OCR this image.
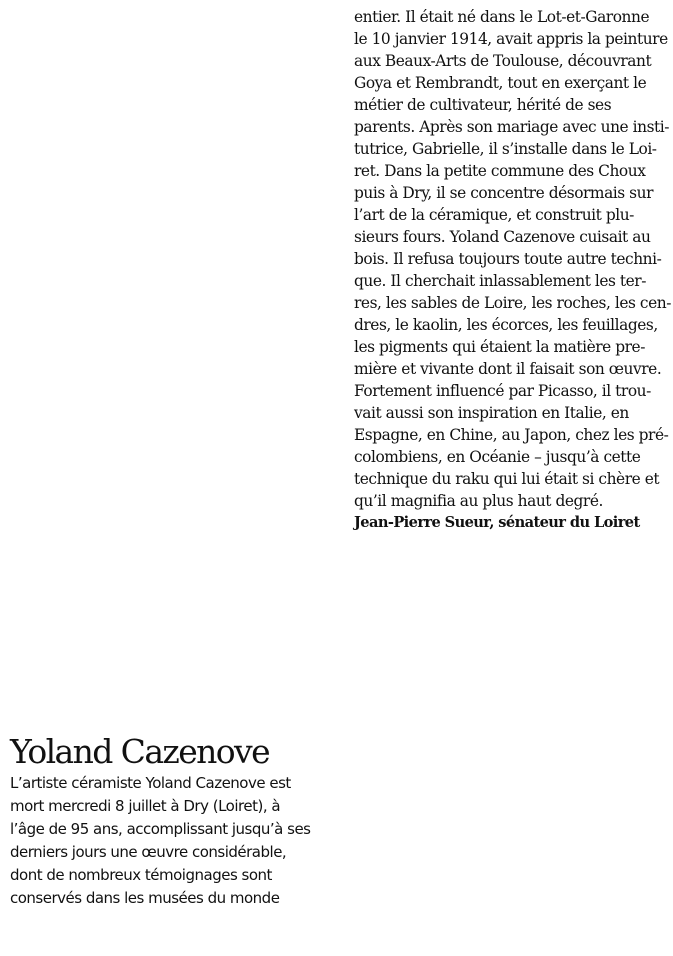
entier. Il était né dans le Lot-et-Garonne
le 10 janvier 1914, avait appris la peinture
aux Beaux-Arts de Toulouse, découvrant
Goya et Rembrandt, tout en exerçant le
métier de cultivateur, hérité de ses
parents. Après son mariage avec une insti-
tutrice, Gabrielle, il s’installe dans le Loi-
ret. Dans la petite commune des Choux
puis à Dry, il se concentre désormais sur
l’art de la céramique, et construit plu-
sieurs fours. Yoland Cazenove cuisait au
bois. Il refusa toujours toute autre techni-
que. Il cherchait inlassablement les ter-
res, les sables de Loire, les roches, les cen-
dres, le kaolin, les écorces, les feuillages,
les pigments qui étaient la matière pre-
mière et vivante dont il faisait son œuvre.
Fortement influencé par Picasso, il trou-
vait aussi son inspiration en Italie, en
Espagne, en Chine, au Japon, chez les pré-
colombiens, en Océanie – jusqu’à cette
technique du raku qui lui était si chère et
qu’il magnifia au plus haut degré.
Jean-Pierre Sueur, sénateur du Loiret
Yoland Cazenove
L’artiste céramiste Yoland Cazenove est
mort mercredi 8 juillet à Dry (Loiret), à
l’âge de 95 ans, accomplissant jusqu’à ses
derniers jours une œuvre considérable,
dont de nombreux témoignages sont
conservés dans les musées du monde
